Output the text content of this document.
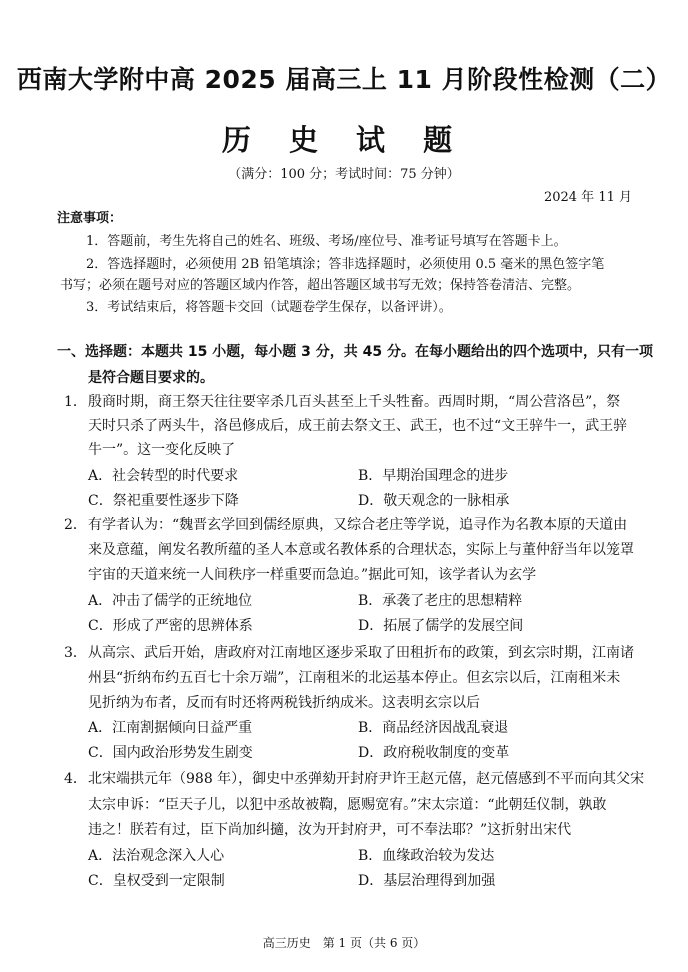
西南大学附中高 2025 届高三上 11 月阶段性检测（二）
历 史 试 题
（满分：100 分；考试时间：75 分钟）
2024 年 11 月
注意事项：
1．答题前，考生先将自己的姓名、班级、考场/座位号、准考证号填写在答题卡上。
2．答选择题时，必须使用 2B 铅笔填涂；答非选择题时，必须使用 0.5 毫米的黑色签字笔
书写；必须在题号对应的答题区域内作答，超出答题区域书写无效；保持答卷清洁、完整。
3．考试结束后，将答题卡交回（试题卷学生保存，以备评讲）。
一、选择题：本题共 15 小题，每小题 3 分，共 45 分。在每小题给出的四个选项中，只有一项
是符合题目要求的。
1． 殷商时期，商王祭天往往要宰杀几百头甚至上千头牲畜。西周时期，“周公营洛邑”，祭
天时只杀了两头牛，洛邑修成后，成王前去祭文王、武王，也不过“文王骍牛一，武王骍
牛一”。这一变化反映了
A．社会转型的时代要求	B．早期治国理念的进步
C．祭祀重要性逐步下降	D．敬天观念的一脉相承
2． 有学者认为：“魏晋玄学回到儒经原典，又综合老庄等学说，追寻作为名教本原的天道由
来及意蕴，阐发名教所蕴的圣人本意或名教体系的合理状态，实际上与董仲舒当年以笼罩
宇宙的天道来统一人间秩序一样重要而急迫。”据此可知，该学者认为玄学
A．冲击了儒学的正统地位	B．承袭了老庄的思想精粹
C．形成了严密的思辨体系	D．拓展了儒学的发展空间
3． 从高宗、武后开始，唐政府对江南地区逐步采取了田租折布的政策，到玄宗时期，江南诸
州县“折纳布约五百七十余万端”，江南租米的北运基本停止。但玄宗以后，江南租米未
见折纳为布者，反而有时还将两税钱折纳成米。这表明玄宗以后
A．江南割据倾向日益严重	B．商品经济因战乱衰退
C．国内政治形势发生剧变	D．政府税收制度的变革
4． 北宋端拱元年（988 年），御史中丞弹劾开封府尹许王赵元僖，赵元僖感到不平而向其父宋
太宗申诉：“臣天子儿，以犯中丞故被鞫，愿赐宽宥。”宋太宗道：“此朝廷仪制，孰敢
违之！朕若有过，臣下尚加纠擿，汝为开封府尹，可不奉法耶？”这折射出宋代
A．法治观念深入人心	B．血缘政治较为发达
C．皇权受到一定限制	D．基层治理得到加强
高三历史　第 1 页（共 6 页）
